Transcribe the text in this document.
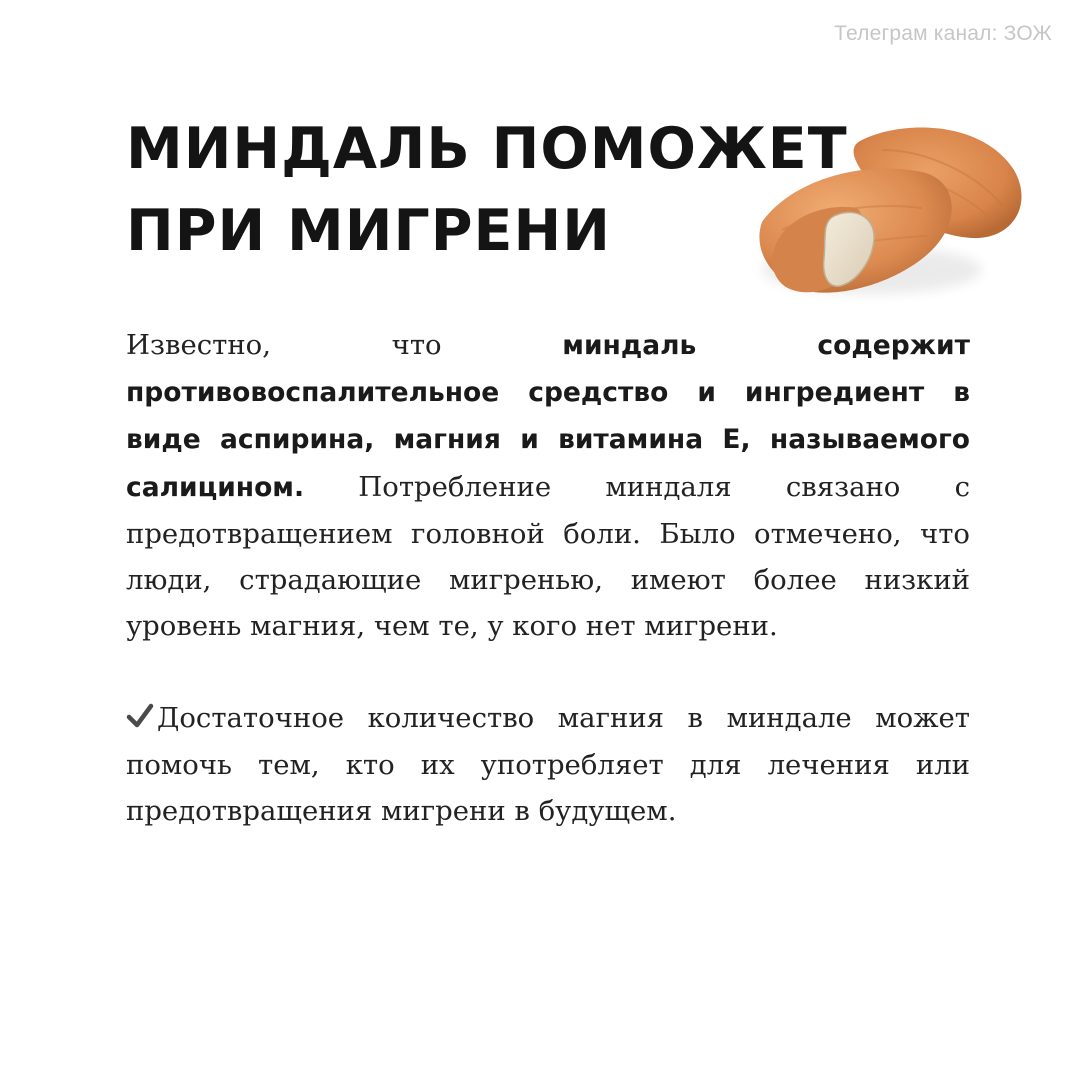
Телеграм канал: ЗОЖ
МИНДАЛЬ ПОМОЖЕТ
ПРИ МИГРЕНИ

Известно, что миндаль содержит противовоспалительное средство и ингредиент в виде аспирина, магния и витамина Е, называемого салицином. Потребление миндаля связано с предотвращением головной боли. Было отмечено, что люди, страдающие мигренью, имеют более низкий уровень магния, чем те, у кого нет мигрени.

Достаточное количество магния в миндале может помочь тем, кто их употребляет для лечения или предотвращения мигрени в будущем.
